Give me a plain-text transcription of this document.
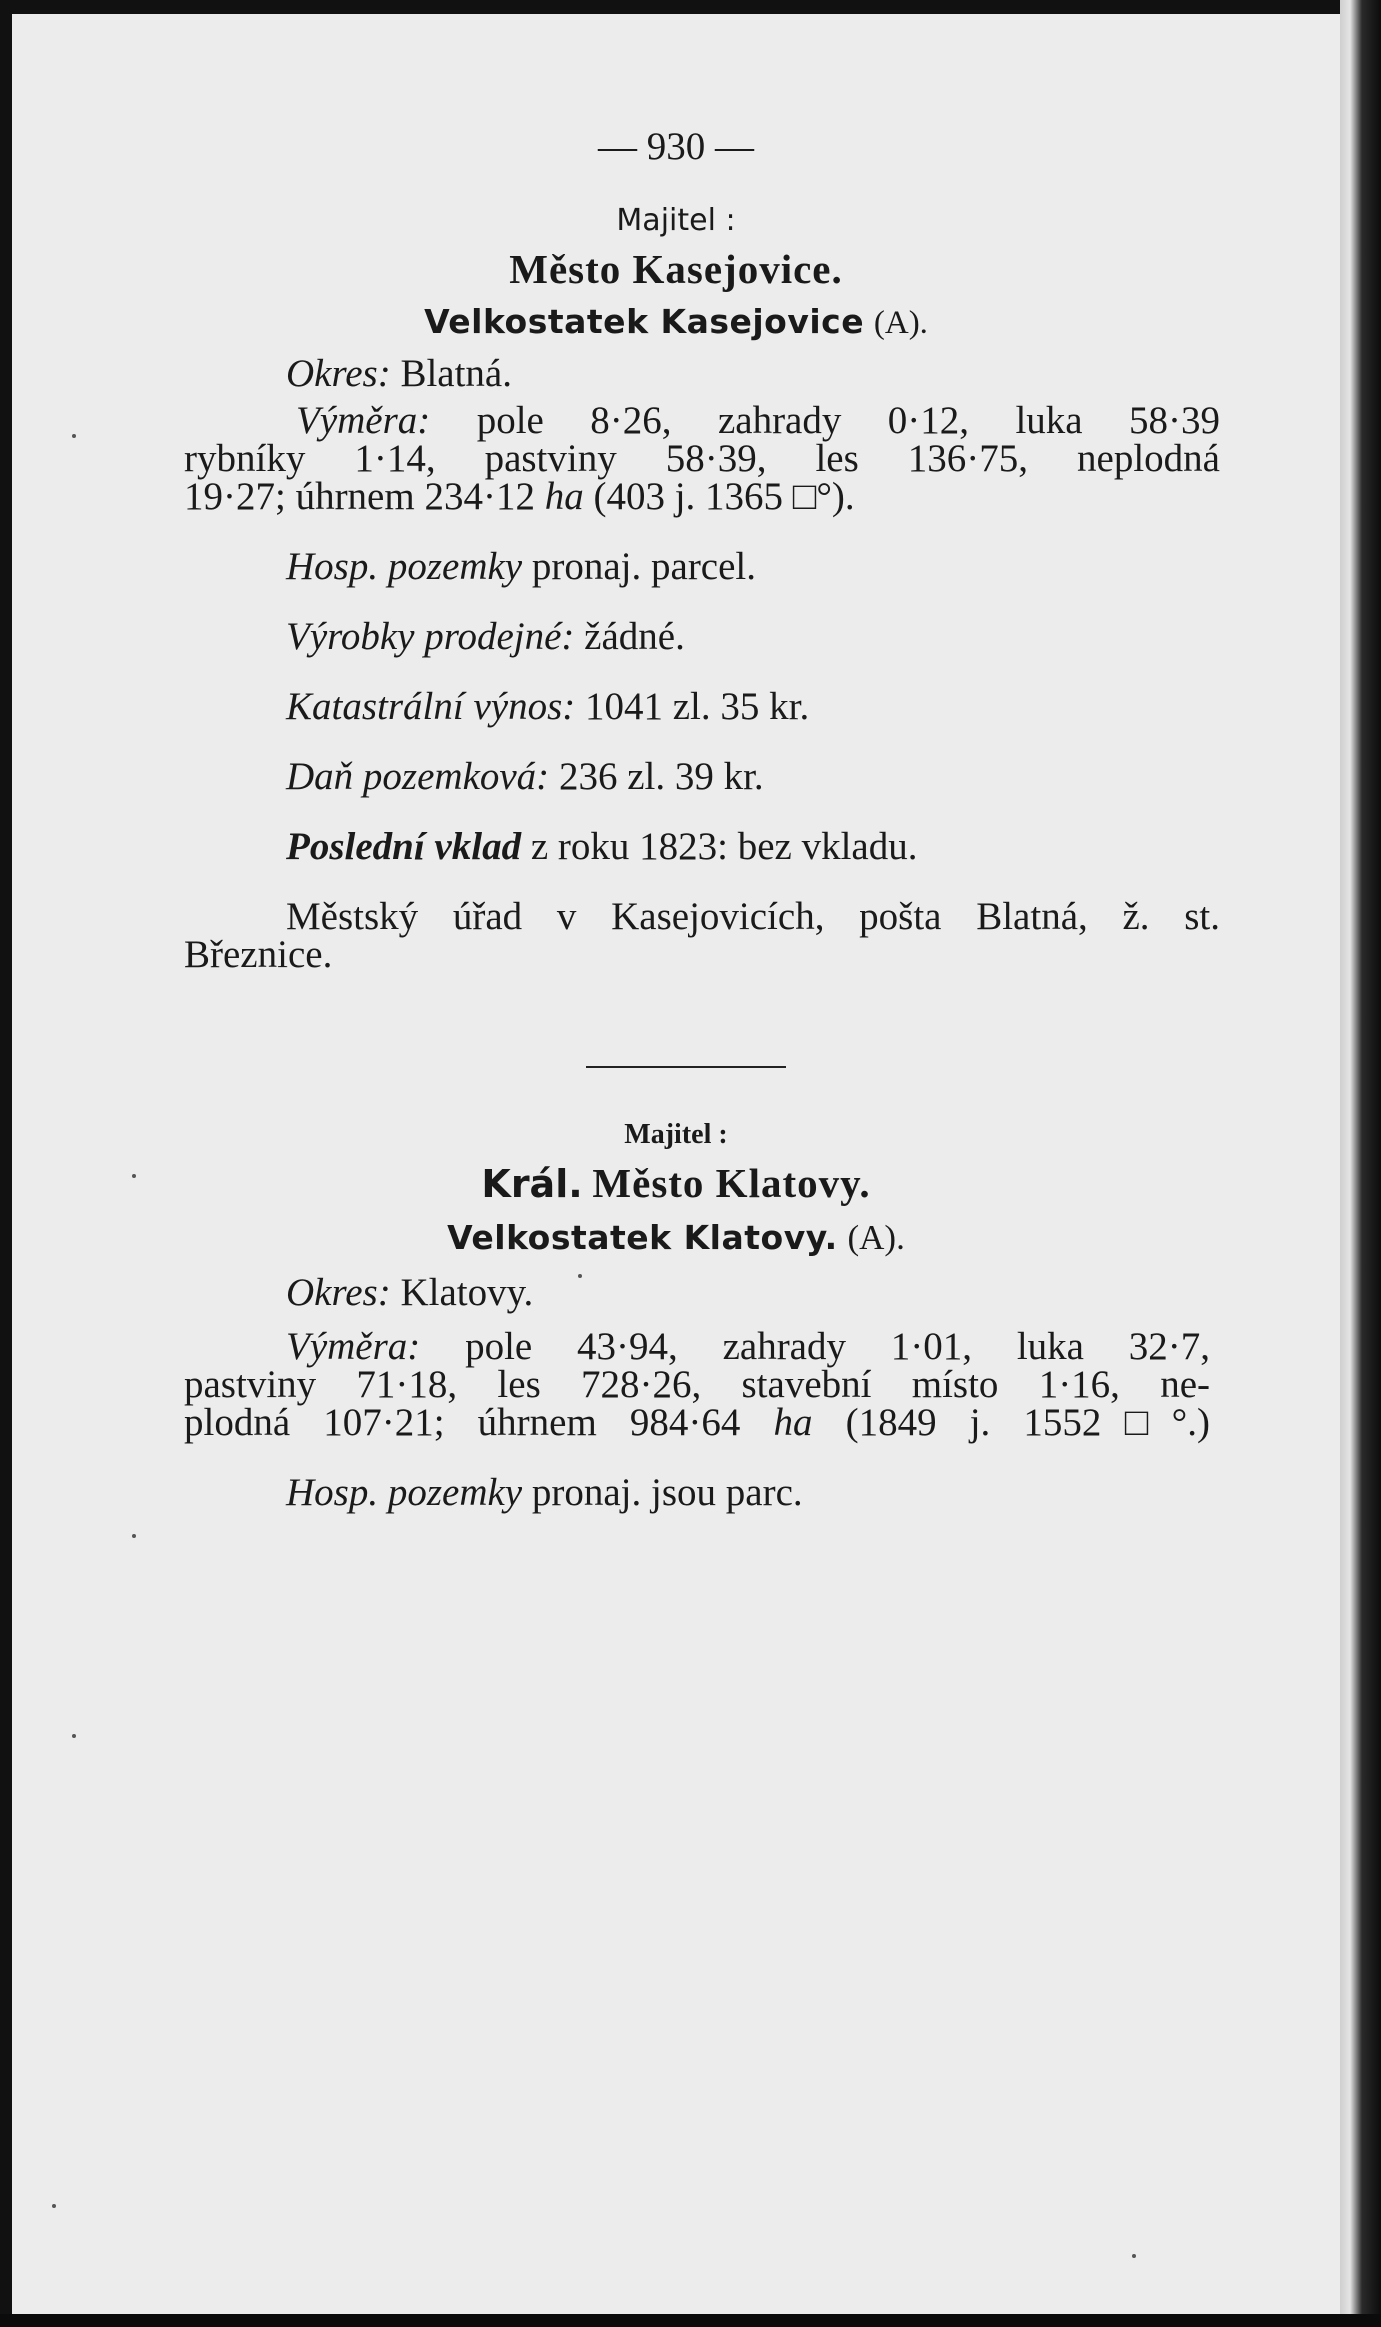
— 930 —
Majitel :
Město Kasejovice.
Velkostatek Kasejovice (A).
Okres: Blatná.
Výměra: pole 8·26, zahrady 0·12, luka 58·39
rybníky 1·14, pastviny 58·39, les 136·75, neplodná
19·27; úhrnem 234·12 ha (403 j. 1365 □°).
Hosp. pozemky pronaj. parcel.
Výrobky prodejné: žádné.
Katastrální výnos: 1041 zl. 35 kr.
Daň pozemková: 236 zl. 39 kr.
Poslední vklad z roku 1823: bez vkladu.
Městský úřad v Kasejovicích, pošta Blatná, ž. st.
Březnice.
Majitel :
Král. Město Klatovy.
Velkostatek Klatovy. (A).
Okres: Klatovy.
Výměra: pole 43·94, zahrady 1·01, luka 32·7,
pastviny 71·18, les 728·26, stavební místo 1·16, ne-
plodná 107·21; úhrnem 984·64 ha (1849 j. 1552□°.)
Hosp. pozemky pronaj. jsou parc.
